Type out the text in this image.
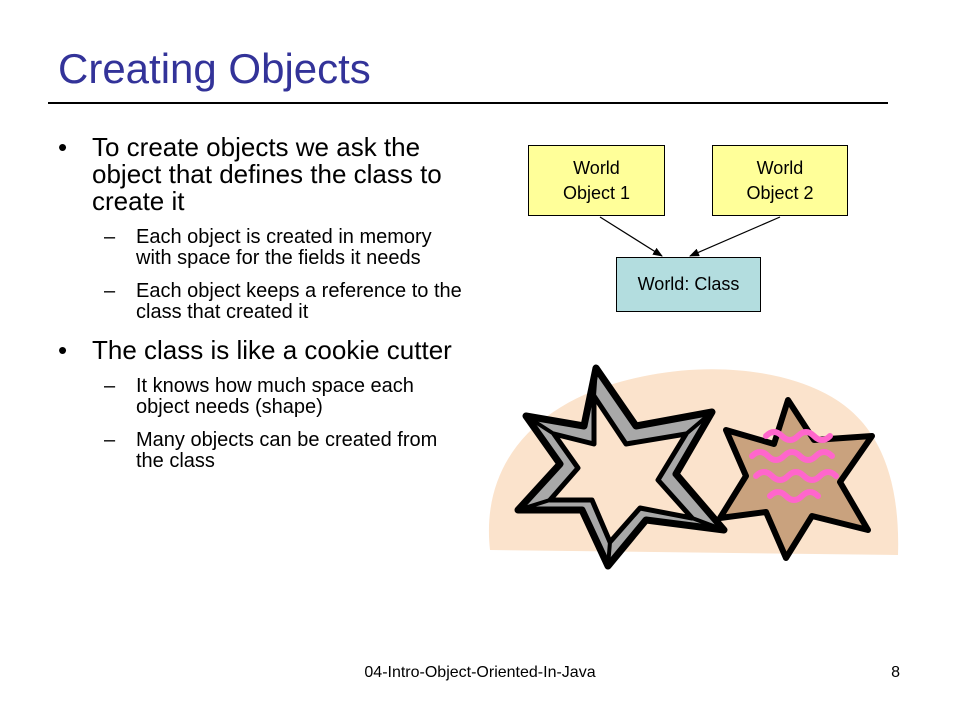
Creating Objects
• To create objects we ask the object that defines the class to create it
– Each object is created in memory with space for the fields it needs
– Each object keeps a reference to the class that created it
• The class is like a cookie cutter
– It knows how much space each object needs (shape)
– Many objects can be created from the class
World
Object 1
World
Object 2
World: Class
04-Intro-Object-Oriented-In-Java	8
